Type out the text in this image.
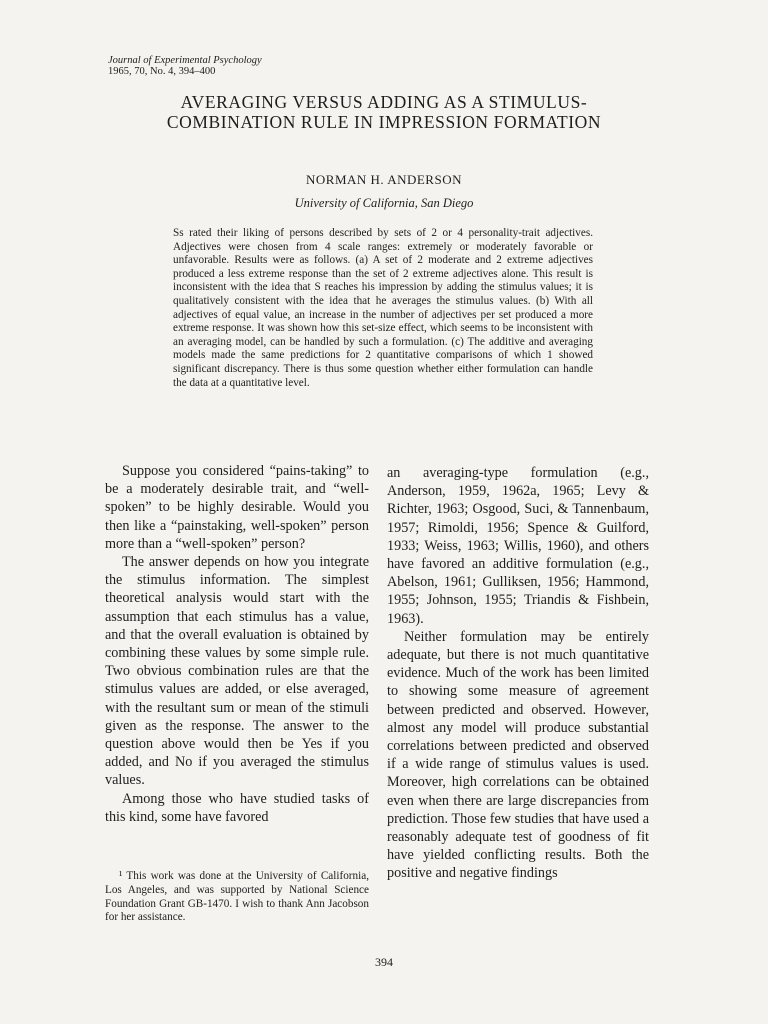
Journal of Experimental Psychology
1965, 70, No. 4, 394–400
AVERAGING VERSUS ADDING AS A STIMULUS-COMBINATION RULE IN IMPRESSION FORMATION
NORMAN H. ANDERSON
University of California, San Diego
Ss rated their liking of persons described by sets of 2 or 4 personality-trait adjectives. Adjectives were chosen from 4 scale ranges: extremely or moderately favorable or unfavorable. Results were as follows. (a) A set of 2 moderate and 2 extreme adjectives produced a less extreme response than the set of 2 extreme adjectives alone. This result is inconsistent with the idea that S reaches his impression by adding the stimulus values; it is qualitatively consistent with the idea that he averages the stimulus values. (b) With all adjectives of equal value, an increase in the number of adjectives per set produced a more extreme response. It was shown how this set-size effect, which seems to be inconsistent with an averaging model, can be handled by such a formulation. (c) The additive and averaging models made the same predictions for 2 quantitative comparisons of which 1 showed significant discrepancy. There is thus some question whether either formulation can handle the data at a quantitative level.

Suppose you considered “pains-taking” to be a moderately desirable trait, and “well-spoken” to be highly desirable. Would you then like a “painstaking, well-spoken” person more than a “well-spoken” person?

The answer depends on how you integrate the stimulus information. The simplest theoretical analysis would start with the assumption that each stimulus has a value, and that the overall evaluation is obtained by combining these values by some simple rule. Two obvious combination rules are that the stimulus values are added, or else averaged, with the resultant sum or mean of the stimuli given as the response. The answer to the question above would then be Yes if you added, and No if you averaged the stimulus values.

Among those who have studied tasks of this kind, some have favored

¹ This work was done at the University of California, Los Angeles, and was supported by National Science Foundation Grant GB-1470. I wish to thank Ann Jacobson for her assistance.

an averaging-type formulation (e.g., Anderson, 1959, 1962a, 1965; Levy & Richter, 1963; Osgood, Suci, & Tannenbaum, 1957; Rimoldi, 1956; Spence & Guilford, 1933; Weiss, 1963; Willis, 1960), and others have favored an additive formulation (e.g., Abelson, 1961; Gulliksen, 1956; Hammond, 1955; Johnson, 1955; Triandis & Fishbein, 1963).

Neither formulation may be entirely adequate, but there is not much quantitative evidence. Much of the work has been limited to showing some measure of agreement between predicted and observed. However, almost any model will produce substantial correlations between predicted and observed if a wide range of stimulus values is used. Moreover, high correlations can be obtained even when there are large discrepancies from prediction. Those few studies that have used a reasonably adequate test of goodness of fit have yielded conflicting results. Both the positive and negative findings

394
